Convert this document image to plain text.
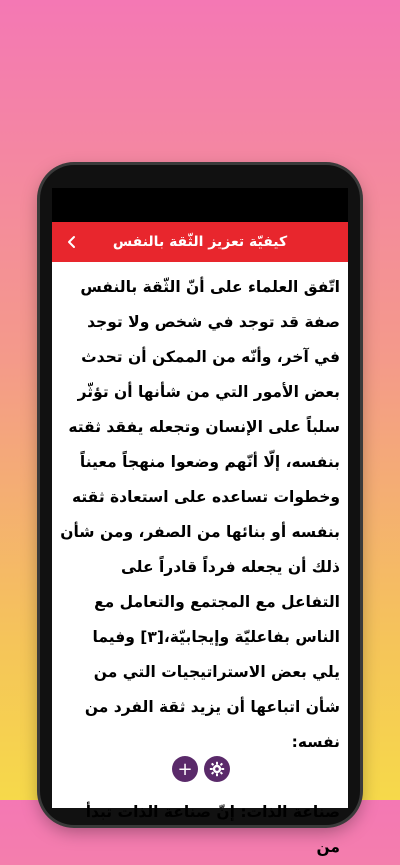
كيفيّة تعزيز الثّقة بالنفس

اتّفق العلماء على أنّ الثّقة بالنفس صفة قد توجد في شخص ولا توجد في آخر، وأنّه من الممكن أن تحدث بعض الأمور التي من شأنها أن تؤثّر سلباً على الإنسان وتجعله يفقد ثقته بنفسه، إلّا أنّهم وضعوا منهجاً معيناً وخطوات تساعده على استعادة ثقته بنفسه أو بنائها من الصفر، ومن شأن ذلك أن يجعله فرداً قادراً على التفاعل مع المجتمع والتعامل مع الناس بفاعليّة وإيجابيّة،[٣] وفيما يلي بعض الاستراتيجيات التي من شأن اتباعها أن يزيد ثقة الفرد من نفسه:

صناعة الذات: إنّ صناعة الذات تبدأ من

+
